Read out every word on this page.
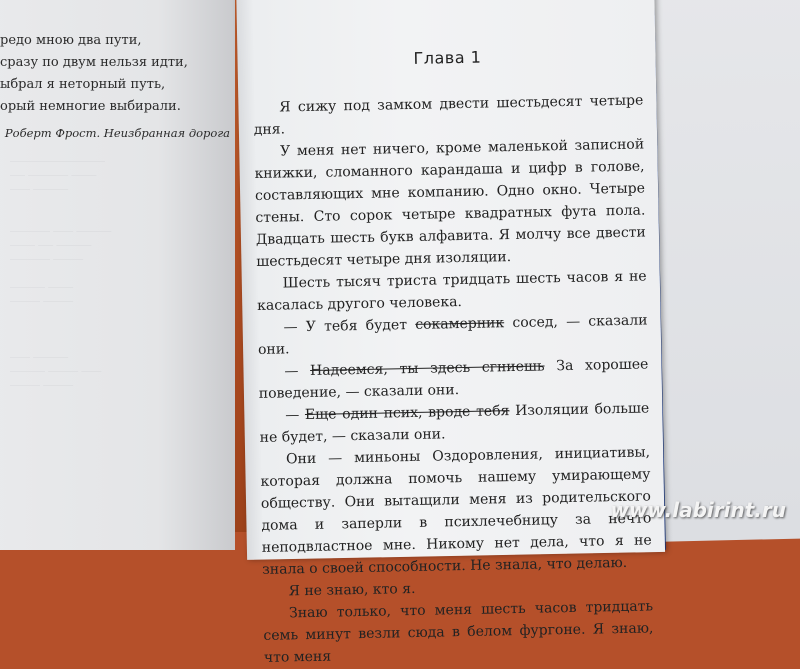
___________________
___ ________ _____
____ _______

________ ____ _______
_____ ___ _______
________ ______

_______ _____
______ ______

____ _______
_______ ______ ____
______ ______
редо мною два пути,
сразу по двум нельзя идти,
ыбрал я неторный путь,
орый немногие выбирали.
Роберт Фрост. Неизбранная дорога
Глава 1

Я сижу под замком двести шестьдесят четыре дня.

У меня нет ничего, кроме маленькой записной книжки, сломанного карандаша и цифр в голове, составляющих мне компанию. Одно окно. Четыре стены. Сто сорок четыре квадратных фута пола. Двадцать шесть букв алфавита. Я молчу все двести шестьдесят четыре дня изоляции.

Шесть тысяч триста тридцать шесть часов я не касалась другого человека.

— У тебя будет сокамерник сосед, — сказали они.

— Надеемся, ты здесь сгниешь За хорошее поведение, — сказали они.

— Еще один псих, вроде тебя Изоляции больше не будет, — сказали они.

Они — миньоны Оздоровления, инициативы, которая должна помочь нашему умирающему обществу. Они вытащили меня из родительского дома и заперли в психлечебницу за нечто неподвластное мне. Никому нет дела, что я не знала о своей способности. Не знала, что делаю.

Я не знаю, кто я.

Знаю только, что меня шесть часов тридцать семь минут везли сюда в белом фургоне. Я знаю, что меня

www.labirint.ru
